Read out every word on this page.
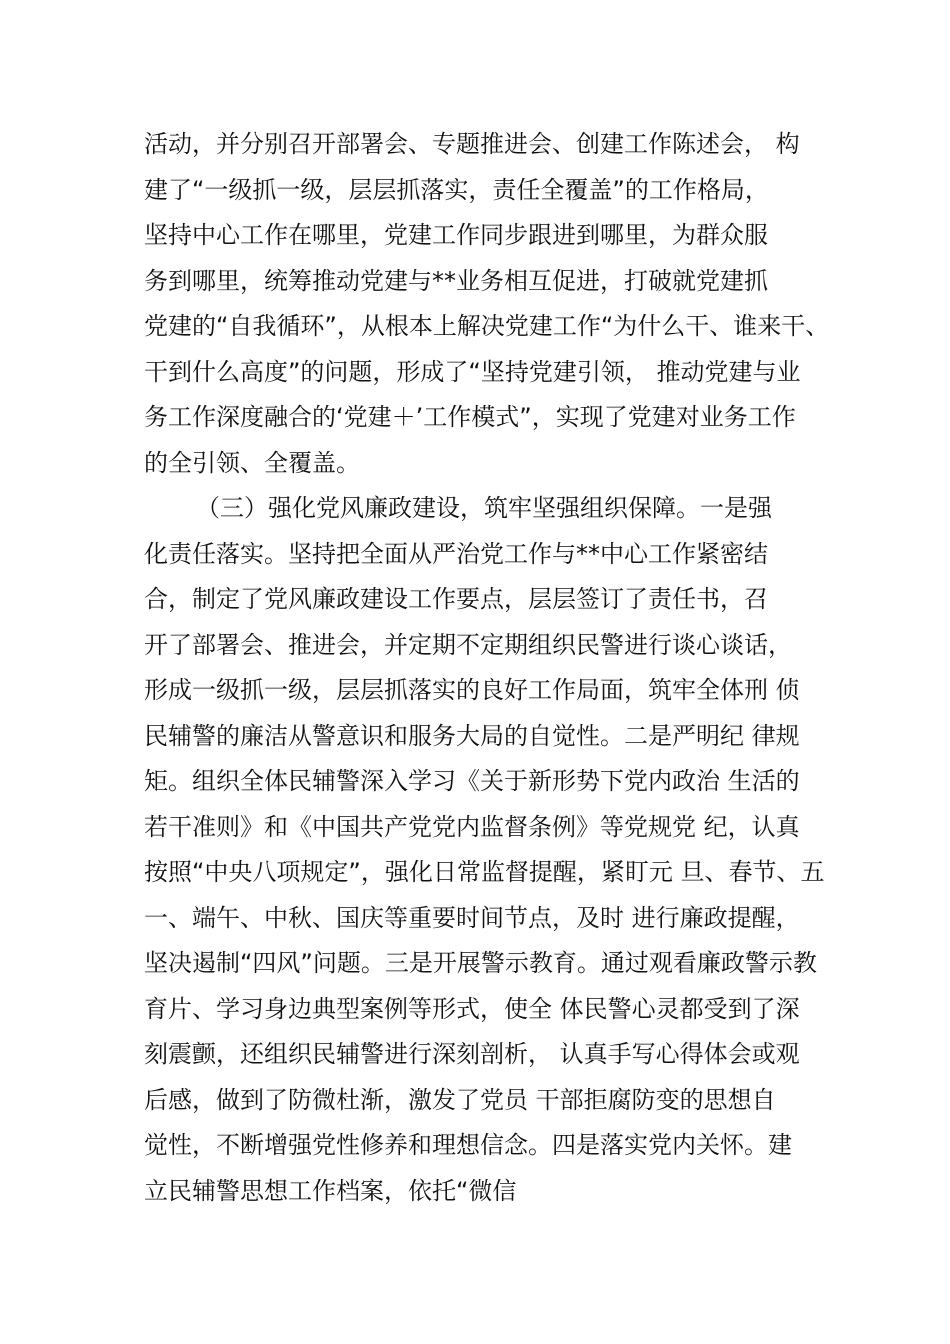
活动，并分别召开部署会、专题推进会、创建工作陈述会， 构
建了“一级抓一级，层层抓落实，责任全覆盖”的工作格局，
坚持中心工作在哪里，党建工作同步跟进到哪里，为群众服
务到哪里，统筹推动党建与**业务相互促进，打破就党建抓
党建的“自我循环”，从根本上解决党建工作“为什么干、谁来干、
干到什么高度”的问题，形成了“坚持党建引领， 推动党建与业
务工作深度融合的‘党建＋’工作模式”，实现了党建对业务工作
的全引领、全覆盖。
（三）强化党风廉政建设，筑牢坚强组织保障。一是强
化责任落实。坚持把全面从严治党工作与**中心工作紧密结
合，制定了党风廉政建设工作要点，层层签订了责任书，召
开了部署会、推进会，并定期不定期组织民警进行谈心谈话，
形成一级抓一级，层层抓落实的良好工作局面，筑牢全体刑 侦
民辅警的廉洁从警意识和服务大局的自觉性。二是严明纪 律规
矩。组织全体民辅警深入学习《关于新形势下党内政治 生活的
若干准则》和《中国共产党党内监督条例》等党规党 纪，认真
按照“中央八项规定”，强化日常监督提醒，紧盯元 旦、春节、五
一、端午、中秋、国庆等重要时间节点，及时 进行廉政提醒，
坚决遏制“四风”问题。三是开展警示教育。通过观看廉政警示教
育片、学习身边典型案例等形式，使全 体民警心灵都受到了深
刻震颤，还组织民辅警进行深刻剖析， 认真手写心得体会或观
后感，做到了防微杜渐，激发了党员 干部拒腐防变的思想自
觉性，不断增强党性修养和理想信念。四是落实党内关怀。建
立民辅警思想工作档案，依托“微信
